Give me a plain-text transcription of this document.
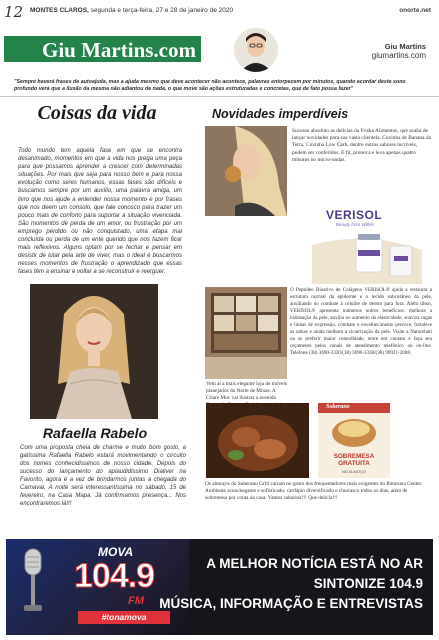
12 MONTES CLAROS, segunda e terça-feira, 27 e 28 de janeiro de 2020	onorte.net
Giu Martins.com	Giu Martins
giumartins.com
"Sempre haverá frases de autoajuda, mas a ajuda mesmo que deve acontecer não acontece, palavras entorpecem por minutos, quando acordar deste sono profundo verá que a ilusão da mesma não adiantou de nada, o que move são ações estruturadas e concretas, que de fato possa fazer"
Coisas da vida
Todo mundo tem aquela fase em que se encontra desanimado, momentos em que a vida nos prega uma peça para que possamos aprender a crescer com determinadas situações. Por mais que seja para nosso bem e para nossa evolução como seres humanos, essas fases são difíceis e buscamos sempre por um auxílio, uma palavra amiga, um livro que nos ajude a entender nossa momento e por frases que nos deem um consolo, que fale conosco para trazer um pouco mais de conforto para suportar a situação vivenciada. São momentos de perda de um amor, ou frustração por um emprego perdido ou não conquistado, uma etapa mal concluída ou perda de um ente querido que nos fazem ficar mais reflexivos. Alguns optam por se fechar e pensar em desistir de lutar pela arte de viver, mas o ideal é buscarmos nesses momentos de frustração o aprendizado que essas fases têm a ensinar e voltar a se reconstruir e reerguer.
Rafaella Rabelo
Com uma proposta cheia de charme e muito bom gosto, a gatíssima Rafaella Rabelo estará movimentando o circuito dos nomes conhecidíssimos de nosso cidade. Depois do sucesso do lançamento do aplaudidíssimo Dialiver na Favorito, agora é a vez de brindarmos juntas a chegada do Carnaval. A noite será interessantíssima no sábado, 15 de fevereiro, na Casa Mapa. Já confirmamos presença... Nos encontraremos lá!!!
Novidades imperdíveis
Sucesso absoluto as delícias da Friska Alimentos, que acaba de lançar novidades para sua vasta clientela. Coxinha de Banana da Terra, Coxinha Low Carb, dentre outros sabores incríveis, podem ser conferidos. E fit, proteica e leva apenas quatro minutos no micro-ondas.
VERISOL
Beauty from Within
O Peptídeo Bioativo de Colágeno VERISOL® ajuda a restaurar a estrutura normal da epiderme e o tecido subcutâneo da pele, auxiliando no combate à celulite de dentro para fora. Além disso, VERISOL® apresenta inúmeros outros benefícios: melhora a hidratação da pele, auxilia no aumento da elasticidade, suaviza rugas e linhas de expressão, combate o envelhecimento precoce, fortalece as unhas e ainda melhora a cicatrização da pele. Visite a Naturelatti ou se preferir maior comodidade, entre em contato e faça seu orçamento pelos canais de atendimento telefônico ou on-line. Telefone (38) 3690-3330/(38) 3690-3338/(38) 99921-2008.
Vem aí a mais elegante loja de móveis planejados do Norte de Minas. A Criare Moc vai ilustrar a avenida
Soberano
SOBREMESA GRATUITA
NO ALMOÇO
Os almoços do Soberano Grill caíram no gosto dos frequentadores mais exigentes do Ibituruna Center. Ambiente aconchegante e sofisticado, cardápio diversificado e churrasco todos os dias, além de sobremesa por conta da casa. Vamos saborear!!! Que delícia!!!
MOVA
104.9
FM
#tonamova
A MELHOR NOTÍCIA ESTÁ NO AR
SINTONIZE 104.9
MÚSICA, INFORMAÇÃO E ENTREVISTAS
